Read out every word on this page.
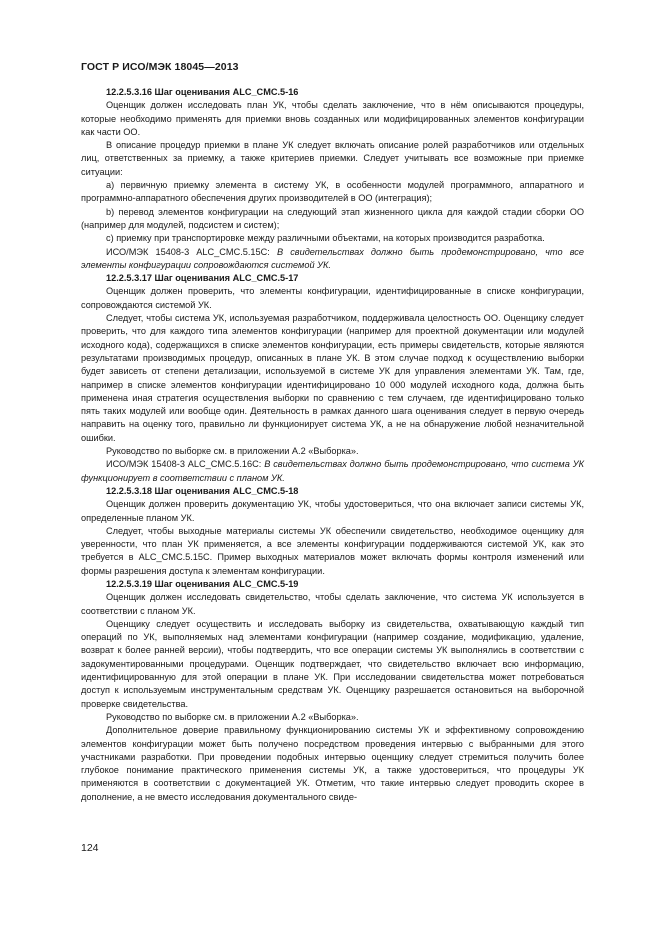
ГОСТ Р ИСО/МЭК 18045—2013

12.2.5.3.16 Шаг оценивания ALC_CMC.5-16

Оценщик должен исследовать план УК, чтобы сделать заключение, что в нём описываются процедуры, которые необходимо применять для приемки вновь созданных или модифицированных элементов конфигурации как части ОО.

В описание процедур приемки в плане УК следует включать описание ролей разработчиков или отдельных лиц, ответственных за приемку, а также критериев приемки. Следует учитывать все возможные при приемке ситуации:

a) первичную приемку элемента в систему УК, в особенности модулей программного, аппаратного и программно-аппаратного обеспечения других производителей в ОО (интеграция);

b) перевод элементов конфигурации на следующий этап жизненного цикла для каждой стадии сборки ОО (например для модулей, подсистем и систем);

c) приемку при транспортировке между различными объектами, на которых производится разработка.

ИСО/МЭК 15408-3 ALC_CMC.5.15C: В свидетельствах должно быть продемонстрировано, что все элементы конфигурации сопровождаются системой УК.

12.2.5.3.17 Шаг оценивания ALC_CMC.5-17

Оценщик должен проверить, что элементы конфигурации, идентифицированные в списке конфигурации, сопровождаются системой УК.

Следует, чтобы система УК, используемая разработчиком, поддерживала целостность ОО. Оценщику следует проверить, что для каждого типа элементов конфигурации (например для проектной документации или модулей исходного кода), содержащихся в списке элементов конфигурации, есть примеры свидетельств, которые являются результатами производимых процедур, описанных в плане УК. В этом случае подход к осуществлению выборки будет зависеть от степени детализации, используемой в системе УК для управления элементами УК. Там, где, например в списке элементов конфигурации идентифицировано 10 000 модулей исходного кода, должна быть применена иная стратегия осуществления выборки по сравнению с тем случаем, где идентифицировано только пять таких модулей или вообще один. Деятельность в рамках данного шага оценивания следует в первую очередь направить на оценку того, правильно ли функционирует система УК, а не на обнаружение любой незначительной ошибки.

Руководство по выборке см. в приложении А.2 «Выборка».

ИСО/МЭК 15408-3 ALC_CMC.5.16C: В свидетельствах должно быть продемонстрировано, что система УК функционирует в соответствии с планом УК.

12.2.5.3.18 Шаг оценивания ALC_CMC.5-18

Оценщик должен проверить документацию УК, чтобы удостовериться, что она включает записи системы УК, определенные планом УК.

Следует, чтобы выходные материалы системы УК обеспечили свидетельство, необходимое оценщику для уверенности, что план УК применяется, а все элементы конфигурации поддерживаются системой УК, как это требуется в ALC_CMC.5.15C. Пример выходных материалов может включать формы контроля изменений или формы разрешения доступа к элементам конфигурации.

12.2.5.3.19 Шаг оценивания ALC_CMC.5-19

Оценщик должен исследовать свидетельство, чтобы сделать заключение, что система УК используется в соответствии с планом УК.

Оценщику следует осуществить и исследовать выборку из свидетельства, охватывающую каждый тип операций по УК, выполняемых над элементами конфигурации (например создание, модификацию, удаление, возврат к более ранней версии), чтобы подтвердить, что все операции системы УК выполнялись в соответствии с задокументированными процедурами. Оценщик подтверждает, что свидетельство включает всю информацию, идентифицированную для этой операции в плане УК. При исследовании свидетельства может потребоваться доступ к используемым инструментальным средствам УК. Оценщику разрешается остановиться на выборочной проверке свидетельства.

Руководство по выборке см. в приложении А.2 «Выборка».

Дополнительное доверие правильному функционированию системы УК и эффективному сопровождению элементов конфигурации может быть получено посредством проведения интервью с выбранными для этого участниками разработки. При проведении подобных интервью оценщику следует стремиться получить более глубокое понимание практического применения системы УК, а также удостовериться, что процедуры УК применяются в соответствии с документацией УК. Отметим, что такие интервью следует проводить скорее в дополнение, а не вместо исследования документального свиде-

124
